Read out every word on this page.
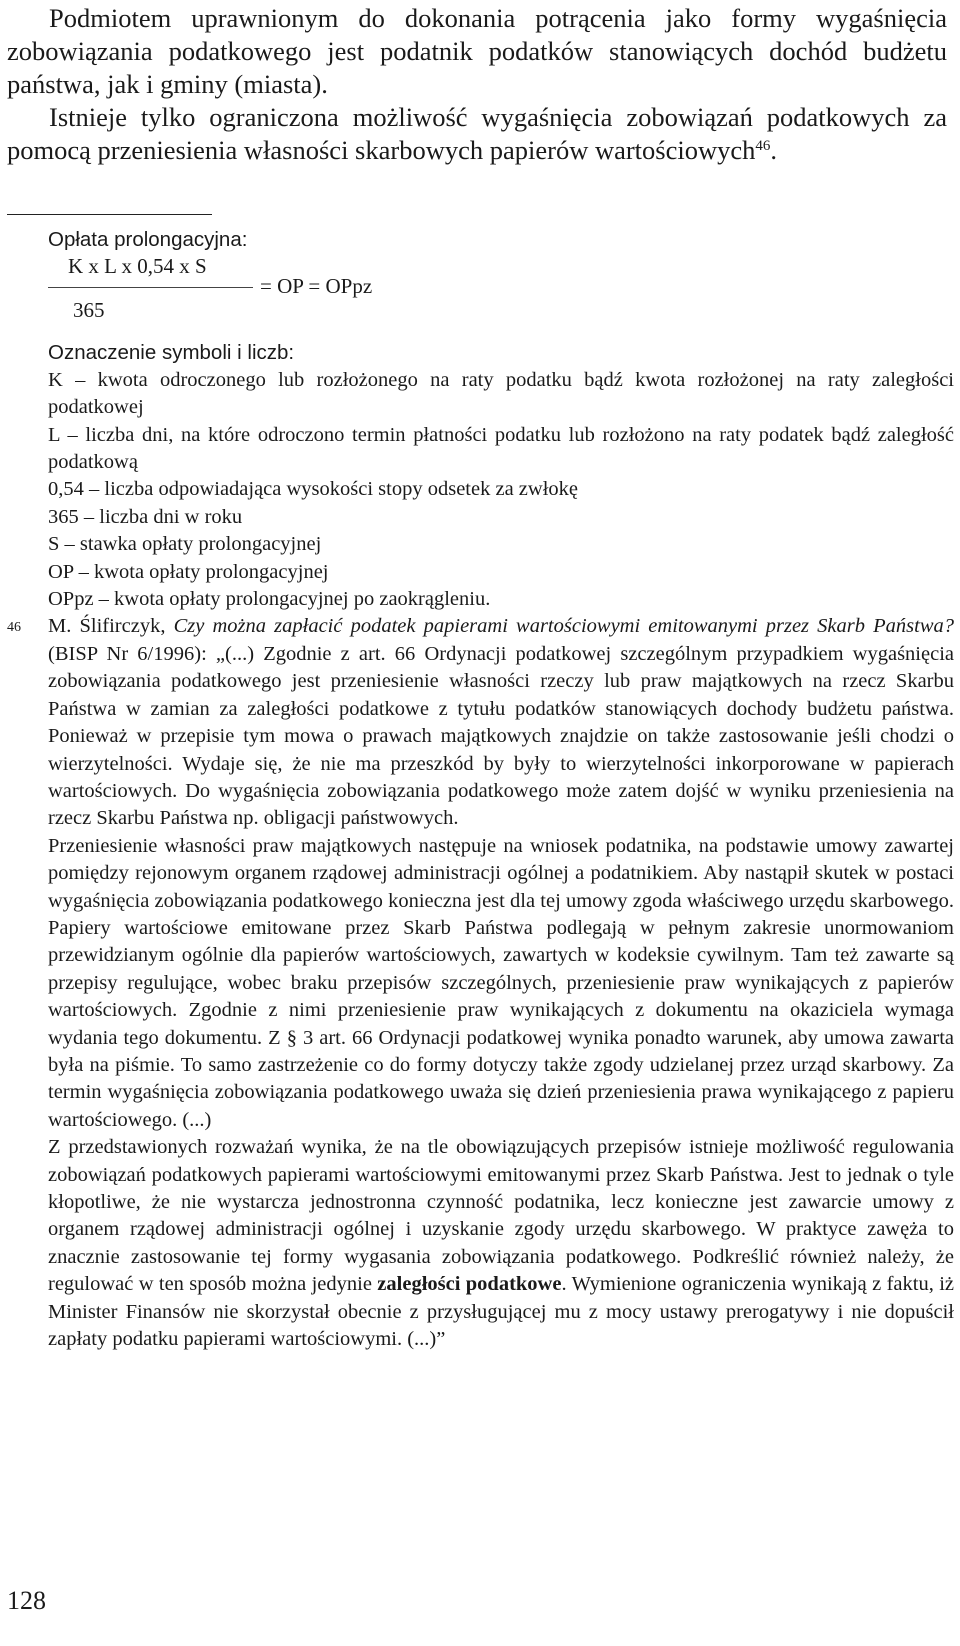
Podmiotem uprawnionym do dokonania potrącenia jako formy wygaśnięcia zobowiązania podatkowego jest podatnik podatków stanowiących dochód budżetu państwa, jak i gminy (miasta).

Istnieje tylko ograniczona możliwość wygaśnięcia zobowiązań podatkowych za pomocą przeniesienia własności skarbowych papierów wartościowych$^{46}$.

Opłata prolongacyjna:

K x L x 0,54 x S
= OP = OPpz
365

Oznaczenie symboli i liczb:

K – kwota odroczonego lub rozłożonego na raty podatku bądź kwota rozłożonej na raty zaległości podatkowej

L – liczba dni, na które odroczono termin płatności podatku lub rozłożono na raty podatek bądź zaległość podatkową

0,54 – liczba odpowiadająca wysokości stopy odsetek za zwłokę

365 – liczba dni w roku

S – stawka opłaty prolongacyjnej

OP – kwota opłaty prolongacyjnej

OPpz – kwota opłaty prolongacyjnej po zaokrągleniu.

M. Ślifirczyk, Czy można zapłacić podatek papierami wartościowymi emitowanymi przez Skarb Państwa? (BISP Nr 6/1996): „(...) Zgodnie z art. 66 Ordynacji podatkowej szczególnym przypadkiem wygaśnięcia zobowiązania podatkowego jest przeniesienie własności rzeczy lub praw majątkowych na rzecz Skarbu Państwa w zamian za zaległości podatkowe z tytułu podatków stanowiących dochody budżetu państwa. Ponieważ w przepisie tym mowa o prawach majątkowych znajdzie on także zastosowanie jeśli chodzi o wierzytelności. Wydaje się, że nie ma przeszkód by były to wierzytelności inkorporowane w papierach wartościowych. Do wygaśnięcia zobowiązania podatkowego może zatem dojść w wyniku przeniesienia na rzecz Skarbu Państwa np. obligacji państwowych.

Przeniesienie własności praw majątkowych następuje na wniosek podatnika, na podstawie umowy zawartej pomiędzy rejonowym organem rządowej administracji ogólnej a podatnikiem. Aby nastąpił skutek w postaci wygaśnięcia zobowiązania podatkowego konieczna jest dla tej umowy zgoda właściwego urzędu skarbowego. Papiery wartościowe emitowane przez Skarb Państwa podlegają w pełnym zakresie unormowaniom przewidzianym ogólnie dla papierów wartościowych, zawartych w kodeksie cywilnym. Tam też zawarte są przepisy regulujące, wobec braku przepisów szczególnych, przeniesienie praw wynikających z papierów wartościowych. Zgodnie z nimi przeniesienie praw wynikających z dokumentu na okaziciela wymaga wydania tego dokumentu. Z § 3 art. 66 Ordynacji podatkowej wynika ponadto warunek, aby umowa zawarta była na piśmie. To samo zastrzeżenie co do formy dotyczy także zgody udzielanej przez urząd skarbowy. Za termin wygaśnięcia zobowiązania podatkowego uważa się dzień przeniesienia prawa wynikającego z papieru wartościowego. (...)

Z przedstawionych rozważań wynika, że na tle obowiązujących przepisów istnieje możliwość regulowania zobowiązań podatkowych papierami wartościowymi emitowanymi przez Skarb Państwa. Jest to jednak o tyle kłopotliwe, że nie wystarcza jednostronna czynność podatnika, lecz konieczne jest zawarcie umowy z organem rządowej administracji ogólnej i uzyskanie zgody urzędu skarbowego. W praktyce zawęża to znacznie zastosowanie tej formy wygasania zobowiązania podatkowego. Podkreślić również należy, że regulować w ten sposób można jedynie zaległości podatkowe. Wymienione ograniczenia wynikają z faktu, iż Minister Finansów nie skorzystał obecnie z przysługującej mu z mocy ustawy prerogatywy i nie dopuścił zapłaty podatku papierami wartościowymi. (...)”

46
128
